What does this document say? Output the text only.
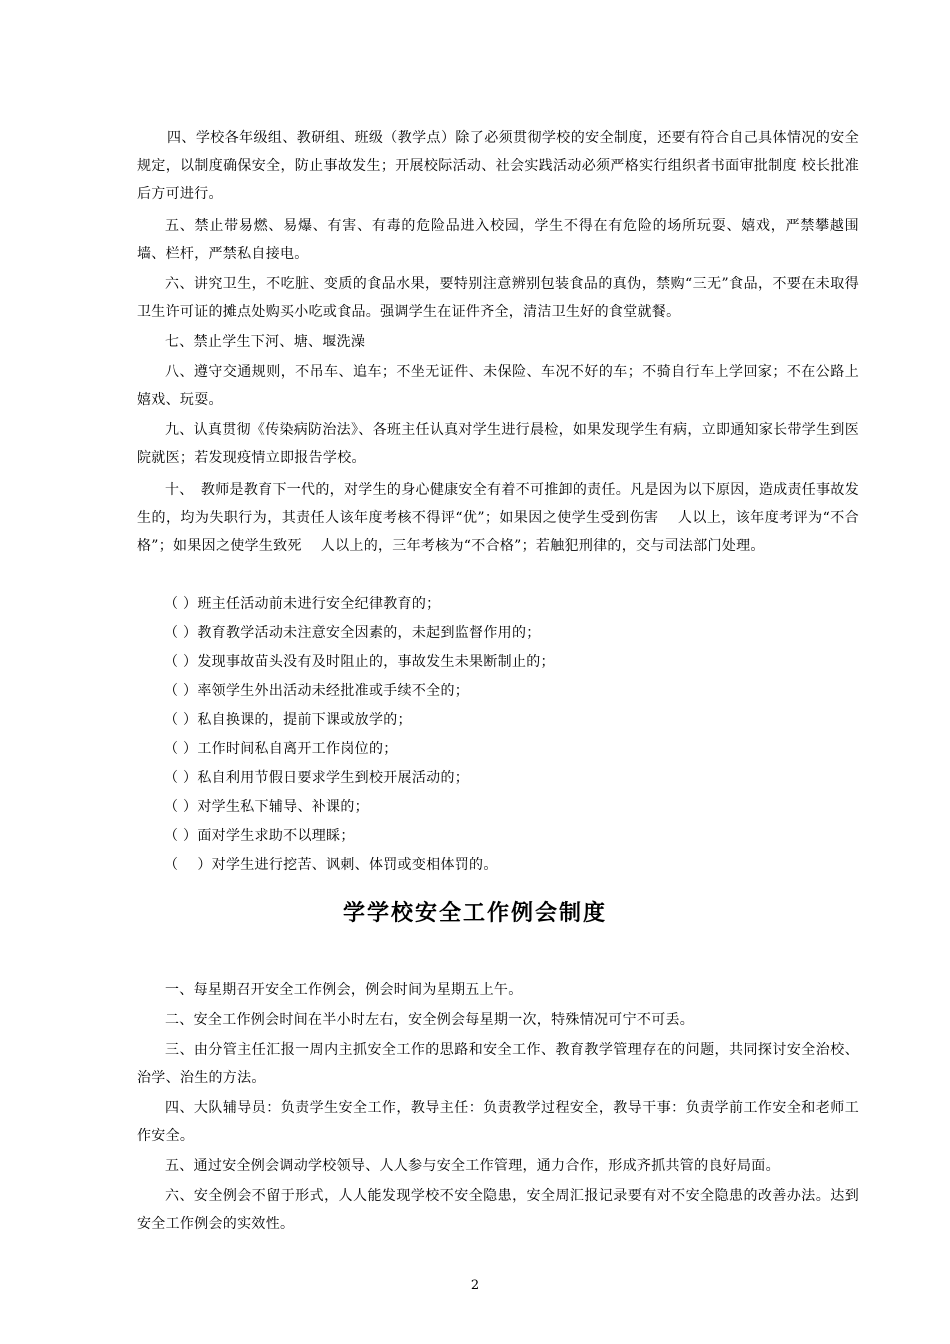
四、学校各年级组、教研组、班级（教学点）除了必须贯彻学校的安全制度，还要有符合自己具体情况的安全规定，以制度确保安全，防止事故发生；开展校际活动、社会实践活动必须严格实行组织者书面审批制度 校长批准后方可进行。

五、禁止带易燃、易爆、有害、有毒的危险品进入校园，学生不得在有危险的场所玩耍、嬉戏，严禁攀越围墙、栏杆，严禁私自接电。

六、讲究卫生，不吃脏、变质的食品水果，要特别注意辨别包装食品的真伪，禁购“三无”食品，不要在未取得卫生许可证的摊点处购买小吃或食品。强调学生在证件齐全，清洁卫生好的食堂就餐。

七、禁止学生下河、塘、堰洗澡

八、遵守交通规则，不吊车、追车；不坐无证件、未保险、车况不好的车；不骑自行车上学回家；不在公路上嬉戏、玩耍。

九、认真贯彻《传染病防治法》、各班主任认真对学生进行晨检，如果发现学生有病，立即通知家长带学生到医院就医；若发现疫情立即报告学校。

十、　教师是教育下一代的，对学生的身心健康安全有着不可推卸的责任。凡是因为以下原因，造成责任事故发生的，均为失职行为，其责任人该年度考核不得评“优”；如果因之使学生受到伤害　 人以上，该年度考评为“不合格”；如果因之使学生致死　 人以上的，三年考核为“不合格”；若触犯刑律的，交与司法部门处理。

（ ）班主任活动前未进行安全纪律教育的；

（ ）教育教学活动未注意安全因素的，未起到监督作用的；

（ ）发现事故苗头没有及时阻止的，事故发生未果断制止的；

（ ）率领学生外出活动未经批准或手续不全的；

（ ）私自换课的，提前下课或放学的；

（ ）工作时间私自离开工作岗位的；

（ ）私自利用节假日要求学生到校开展活动的；

（ ）对学生私下辅导、补课的；

（ ）面对学生求助不以理睬；

（　 ）对学生进行挖苦、讽刺、体罚或变相体罚的。

学学校安全工作例会制度

一、每星期召开安全工作例会，例会时间为星期五上午。

二、安全工作例会时间在半小时左右，安全例会每星期一次，特殊情况可宁不可丢。

三、由分管主任汇报一周内主抓安全工作的思路和安全工作、教育教学管理存在的问题，共同探讨安全治校、治学、治生的方法。

四、大队辅导员：负责学生安全工作，教导主任：负责教学过程安全，教导干事：负责学前工作安全和老师工作安全。

五、通过安全例会调动学校领导、人人参与安全工作管理，通力合作，形成齐抓共管的良好局面。

六、安全例会不留于形式，人人能发现学校不安全隐患，安全周汇报记录要有对不安全隐患的改善办法。达到安全工作例会的实效性。

2
